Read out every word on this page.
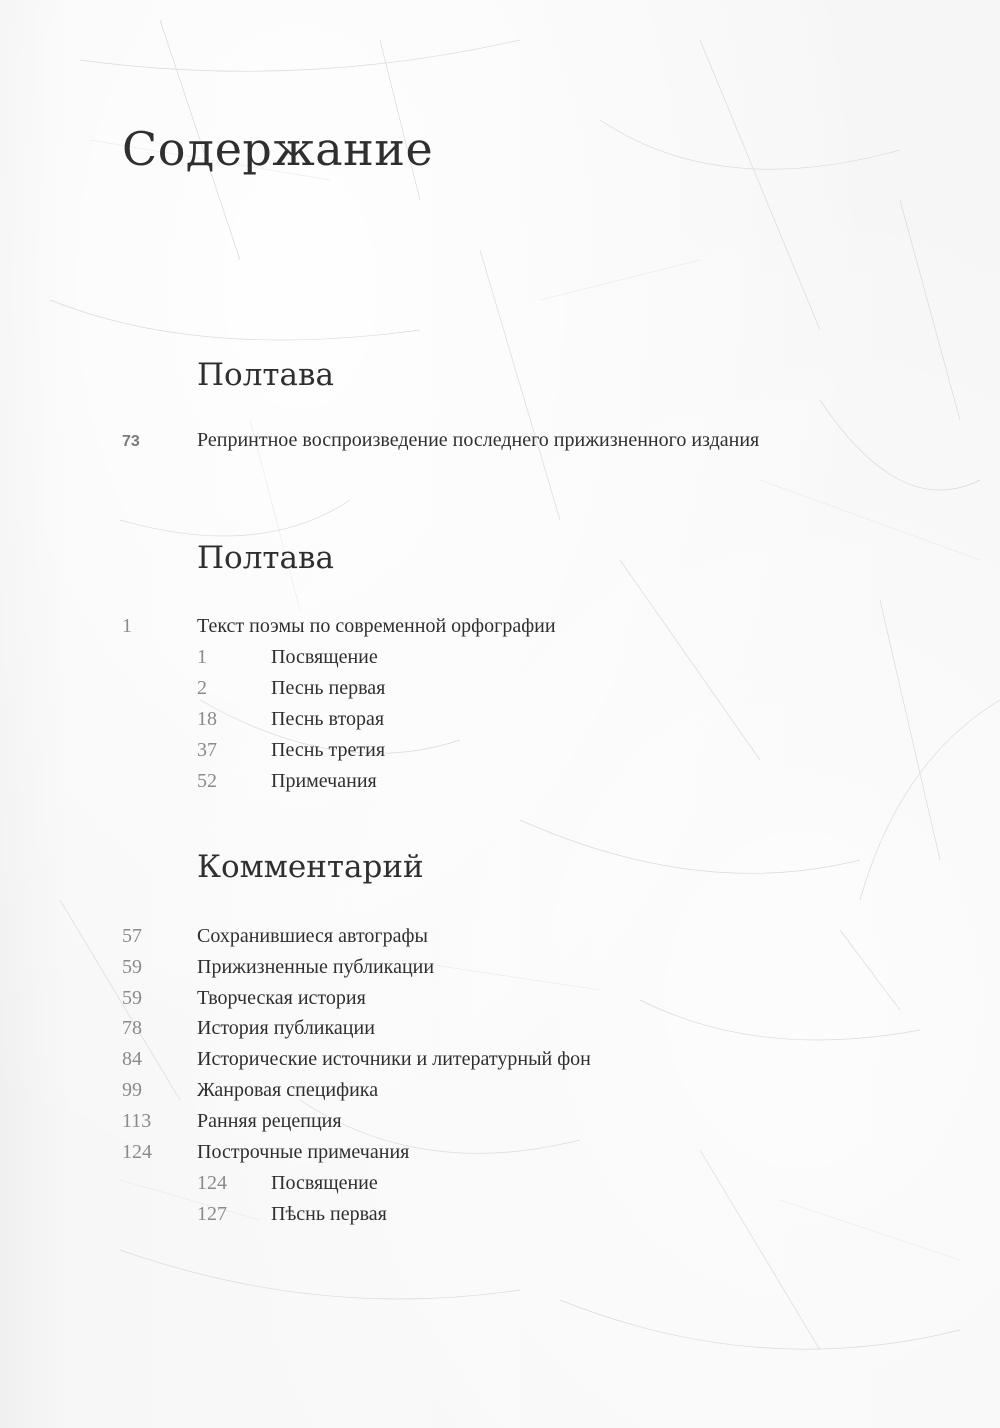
Содержание
Полтава
73	Репринтное воспроизведение последнего прижизненного издания
Полтава
1	Текст поэмы по современной орфографии
1	Посвящение
2	Песнь первая
18	Песнь вторая
37	Песнь третия
52	Примечания
Комментарий
57	Сохранившиеся автографы
59	Прижизненные публикации
59	Творческая история
78	История публикации
84	Исторические источники и литературный фон
99	Жанровая специфика
113 Ранняя рецепция
124 Построчные примечания
124 Посвящение
127 Пѣснь первая
